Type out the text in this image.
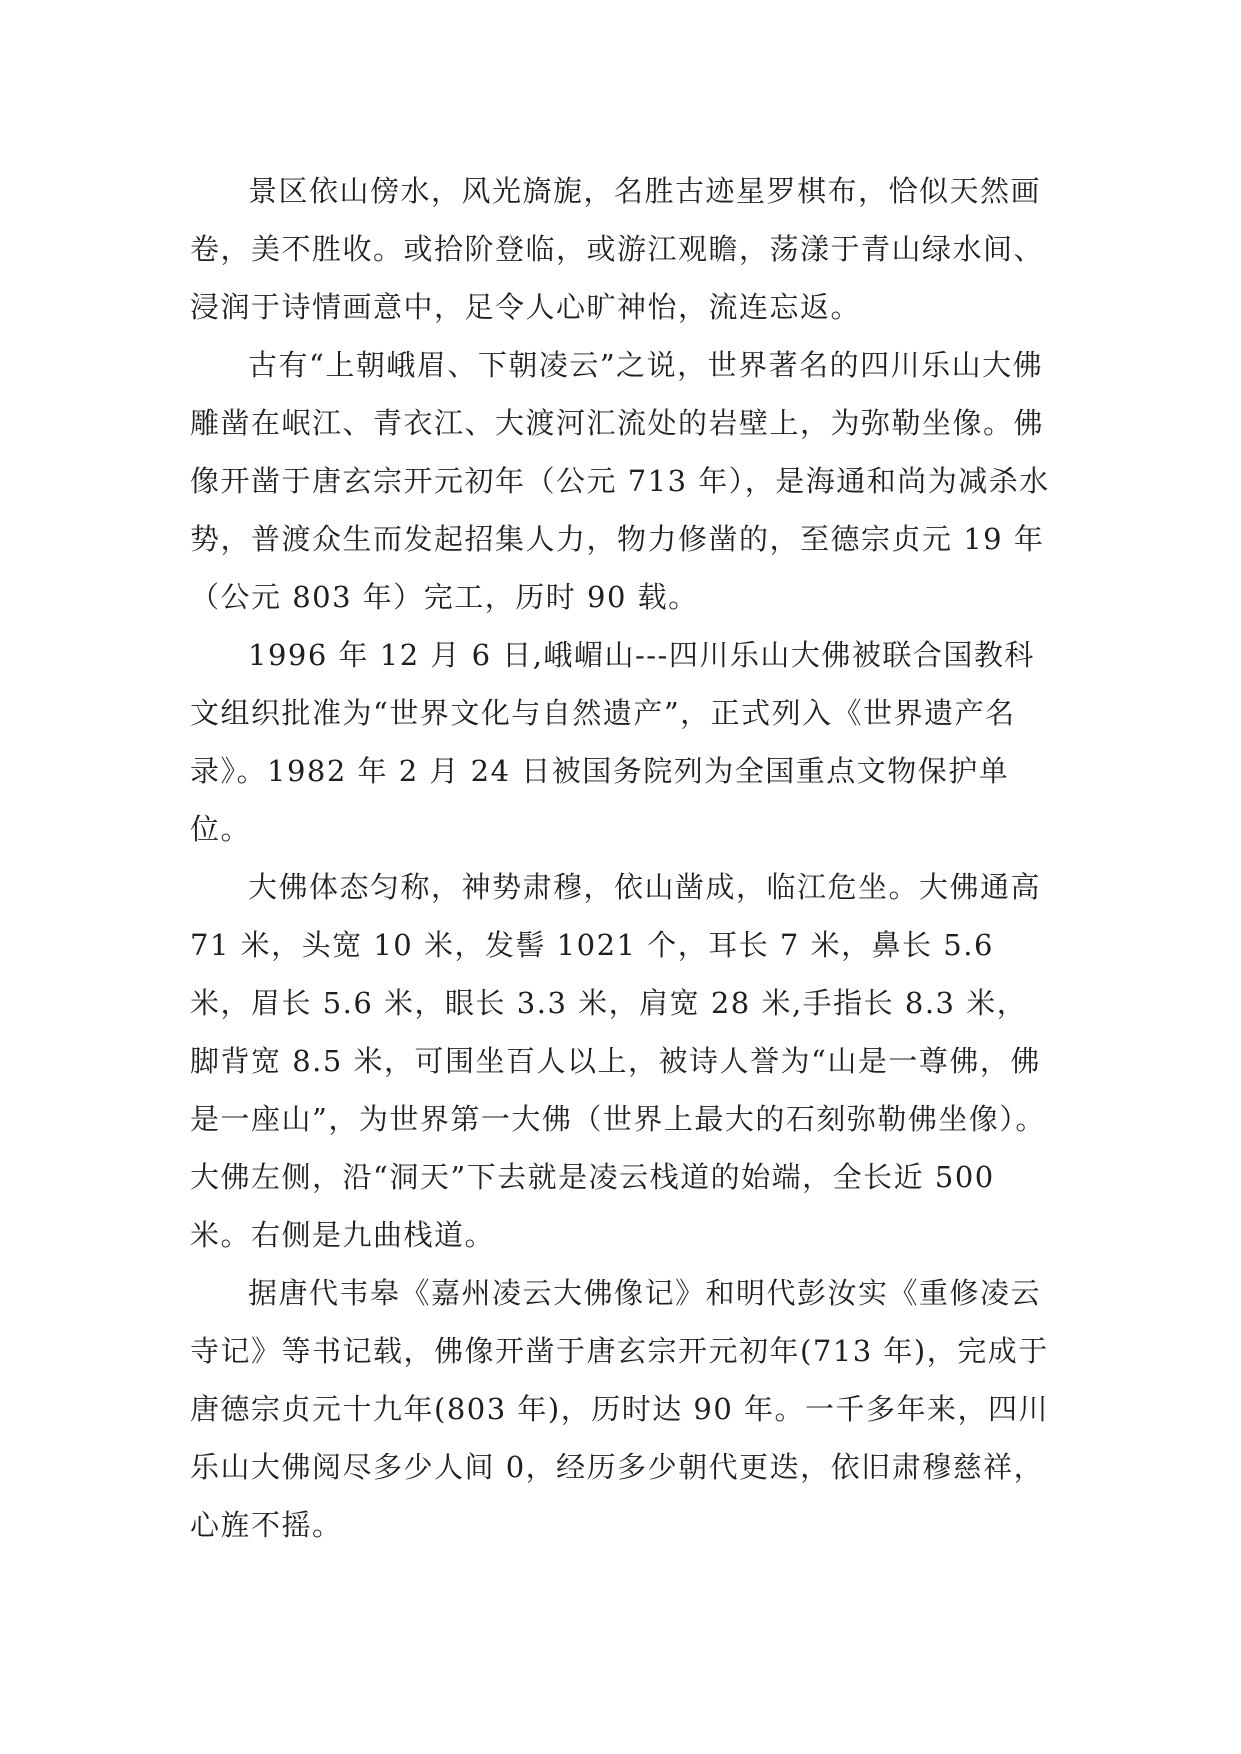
景区依山傍水，风光旖旎，名胜古迹星罗棋布，恰似天然画卷，美不胜收。或拾阶登临，或游江观瞻，荡漾于青山绿水间、浸润于诗情画意中，足令人心旷神怡，流连忘返。

古有“上朝峨眉、下朝凌云”之说，世界著名的四川乐山大佛雕凿在岷江、青衣江、大渡河汇流处的岩壁上，为弥勒坐像。佛像开凿于唐玄宗开元初年（公元 713 年），是海通和尚为减杀水势，普渡众生而发起招集人力，物力修凿的，至德宗贞元 19 年（公元 803 年）完工，历时 90 载。

1996 年 12 月 6 日,峨嵋山---四川乐山大佛被联合国教科文组织批准为“世界文化与自然遗产”，正式列入《世界遗产名录》。1982 年 2 月 24 日被国务院列为全国重点文物保护单位。

大佛体态匀称，神势肃穆，依山凿成，临江危坐。大佛通高 71 米，头宽 10 米，发髻 1021 个，耳长 7 米，鼻长 5.6 米，眉长 5.6 米，眼长 3.3 米，肩宽 28 米,手指长 8.3 米，脚背宽 8.5 米，可围坐百人以上，被诗人誉为“山是一尊佛，佛是一座山”，为世界第一大佛（世界上最大的石刻弥勒佛坐像）。大佛左侧，沿“洞天”下去就是凌云栈道的始端，全长近 500 米。右侧是九曲栈道。

据唐代韦皋《嘉州凌云大佛像记》和明代彭汝实《重修凌云寺记》等书记载，佛像开凿于唐玄宗开元初年(713 年)，完成于唐德宗贞元十九年(803 年)，历时达 90 年。一千多年来，四川乐山大佛阅尽多少人间 0，经历多少朝代更迭，依旧肃穆慈祥，心旌不摇。
